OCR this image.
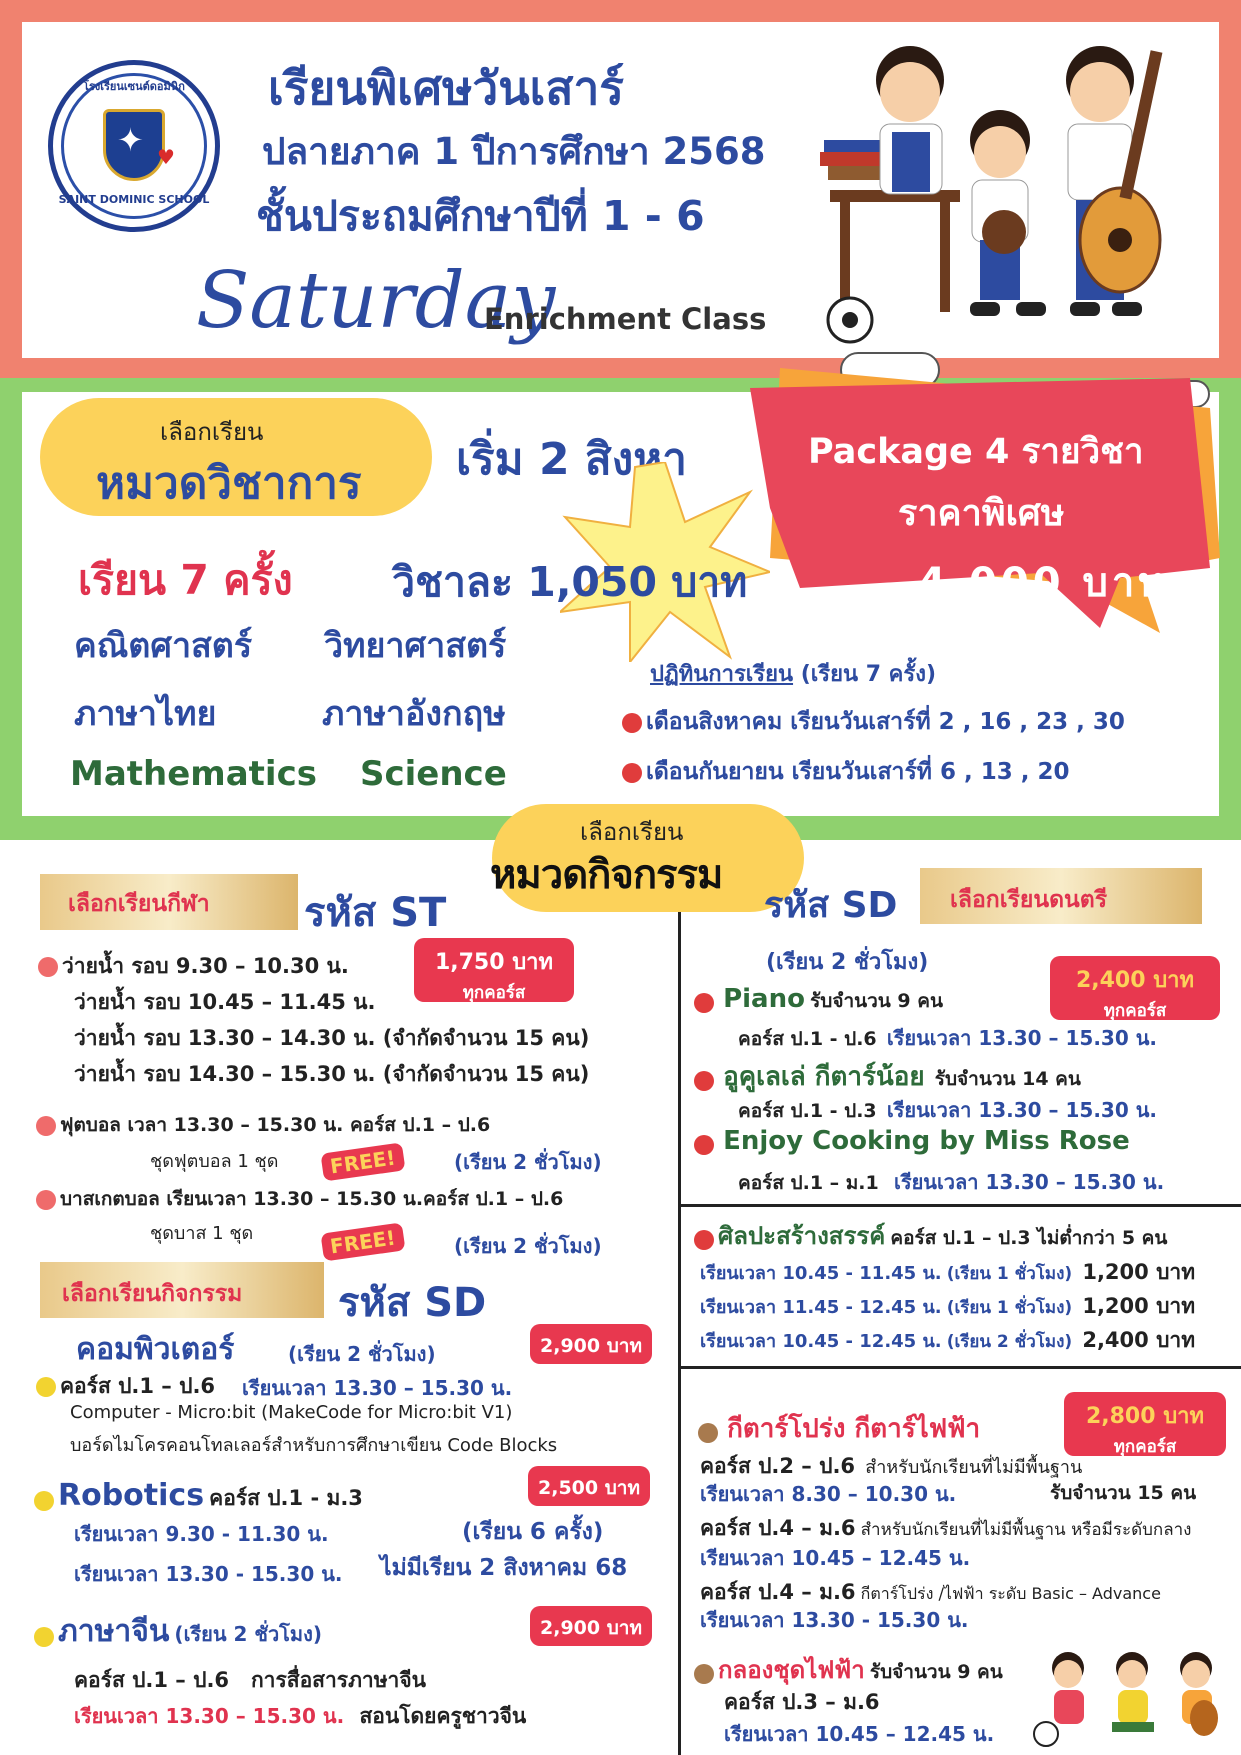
โรงเรียนเซนต์ดอมินิก
✦ ♥
SAINT DOMINIC SCHOOL
เรียนพิเศษวันเสาร์
ปลายภาค 1 ปีการศึกษา 2568
ชั้นประถมศึกษาปีที่ 1 - 6
Saturday
Enrichment Class
เลือกเรียน
หมวดวิชาการ เริ่ม 2 สิงหา	Package 4 รายวิชา
ราคาพิเศษ
4,000 บาท
เรียน 7 ครั้ง วิชาละ 1,050 บาท
คณิตศาสตร์ วิทยาศาสตร์
ภาษาไทย	ภาษาอังกฤษ
Mathematics Science
ปฏิทินการเรียน (เรียน 7 ครั้ง)
เดือนสิงหาคม เรียนวันเสาร์ที่ 2 , 16 , 23 , 30
เดือนกันยายน เรียนวันเสาร์ที่ 6 , 13 , 20
เลือกเรียน
หมวดกิจกรรม
เลือกเรียนกีฬา รหัส ST
1,750 บาท
ทุกคอร์ส
ว่ายน้ำ รอบ 9.30 – 10.30 น.
ว่ายน้ำ รอบ 10.45 – 11.45 น.
ว่ายน้ำ รอบ 13.30 – 14.30 น. (จำกัดจำนวน 15 คน)
ว่ายน้ำ รอบ 14.30 – 15.30 น. (จำกัดจำนวน 15 คน)
ฟุตบอล เวลา 13.30 – 15.30 น. คอร์ส ป.1 – ป.6
ชุดฟุตบอล 1 ชุด	FREE!	(เรียน 2 ชั่วโมง)
บาสเกตบอล เรียนเวลา 13.30 – 15.30 น.คอร์ส ป.1 – ป.6
ชุดบาส 1 ชุด	FREE!	(เรียน 2 ชั่วโมง)
เลือกเรียนกิจกรรม รหัส SD
คอมพิวเตอร์	(เรียน 2 ชั่วโมง)	2,900 บาท
คอร์ส ป.1 – ป.6 เรียนเวลา 13.30 – 15.30 น.
Computer - Micro:bit (MakeCode for Micro:bit V1)
บอร์ดไมโครคอนโทลเลอร์สำหรับการศึกษาเขียน Code Blocks
Robotics คอร์ส ป.1 - ม.3	2,500 บาท
เรียนเวลา 9.30 - 11.30 น.
เรียนเวลา 13.30 - 15.30 น.
(เรียน 6 ครั้ง)
ไม่มีเรียน 2 สิงหาคม 68
ภาษาจีน (เรียน 2 ชั่วโมง)	2,900 บาท
คอร์ส ป.1 – ป.6 การสื่อสารภาษาจีน
เรียนเวลา 13.30 – 15.30 น. สอนโดยครูชาวจีน
รหัส SD เลือกเรียนดนตรี
(เรียน 2 ชั่วโมง)
2,400 บาท
ทุกคอร์ส
Piano รับจำนวน 9 คน
คอร์ส ป.1 - ป.6 เรียนเวลา 13.30 – 15.30 น.
อูคูเลเล่ กีตาร์น้อย รับจำนวน 14 คน
คอร์ส ป.1 - ป.3 เรียนเวลา 13.30 – 15.30 น.
Enjoy Cooking by Miss Rose
คอร์ส ป.1 – ม.1 เรียนเวลา 13.30 – 15.30 น.
ศิลปะสร้างสรรค์ คอร์ส ป.1 – ป.3 ไม่ต่ำกว่า 5 คน
เรียนเวลา 10.45 - 11.45 น. (เรียน 1 ชั่วโมง) 1,200 บาท
เรียนเวลา 11.45 - 12.45 น. (เรียน 1 ชั่วโมง) 1,200 บาท
เรียนเวลา 10.45 - 12.45 น. (เรียน 2 ชั่วโมง) 2,400 บาท
กีตาร์โปร่ง กีตาร์ไฟฟ้า	2,800 บาท
ทุกคอร์ส
คอร์ส ป.2 – ป.6 สำหรับนักเรียนที่ไม่มีพื้นฐาน
เรียนเวลา 8.30 – 10.30 น.	รับจำนวน 15 คน
คอร์ส ป.4 – ม.6 สำหรับนักเรียนที่ไม่มีพื้นฐาน หรือมีระดับกลาง
เรียนเวลา 10.45 – 12.45 น.
คอร์ส ป.4 – ม.6 กีตาร์โปร่ง /ไฟฟ้า ระดับ Basic – Advance
เรียนเวลา 13.30 - 15.30 น.
กลองชุดไฟฟ้า รับจำนวน 9 คน
คอร์ส ป.3 – ม.6
เรียนเวลา 10.45 – 12.45 น.
